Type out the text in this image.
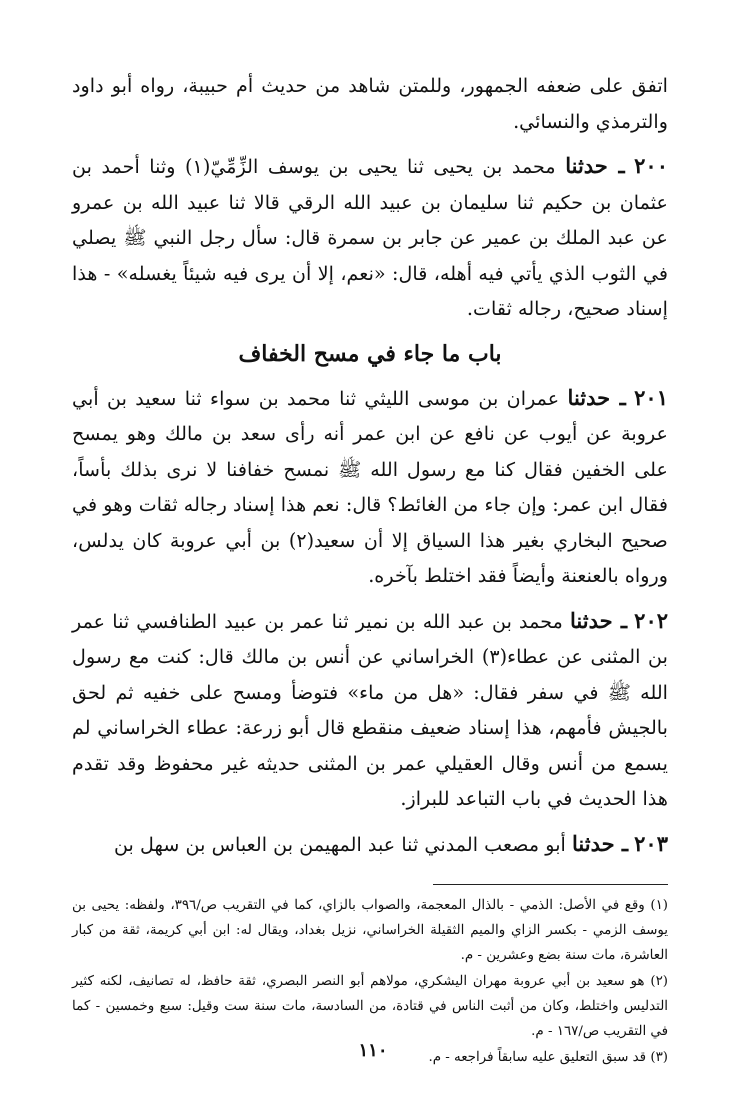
اتفق على ضعفه الجمهور، وللمتن شاهد من حديث أم حبيبة، رواه أبو داود والترمذي والنسائي.

٢٠٠ ـ حدثنا محمد بن يحيى ثنا يحيى بن يوسف الزِّمِّيّ(١) وثنا أحمد بن عثمان بن حكيم ثنا سليمان بن عبيد الله الرقي قالا ثنا عبيد الله بن عمرو عن عبد الملك بن عمير عن جابر بن سمرة قال: سأل رجل النبي ﷺ يصلي في الثوب الذي يأتي فيه أهله، قال: «نعم، إلا أن يرى فيه شيئاً يغسله» - هذا إسناد صحيح، رجاله ثقات.

باب ما جاء في مسح الخفاف

٢٠١ ـ حدثنا عمران بن موسى الليثي ثنا محمد بن سواء ثنا سعيد بن أبي عروبة عن أيوب عن نافع عن ابن عمر أنه رأى سعد بن مالك وهو يمسح على الخفين فقال كنا مع رسول الله ﷺ نمسح خفافنا لا نرى بذلك بأساً، فقال ابن عمر: وإن جاء من الغائط؟ قال: نعم هذا إسناد رجاله ثقات وهو في صحيح البخاري بغير هذا السياق إلا أن سعيد(٢) بن أبي عروبة كان يدلس، ورواه بالعنعنة وأيضاً فقد اختلط بآخره.

٢٠٢ ـ حدثنا محمد بن عبد الله بن نمير ثنا عمر بن عبيد الطنافسي ثنا عمر بن المثنى عن عطاء(٣) الخراساني عن أنس بن مالك قال: كنت مع رسول الله ﷺ في سفر فقال: «هل من ماء» فتوضأ ومسح على خفيه ثم لحق بالجيش فأمهم، هذا إسناد ضعيف منقطع قال أبو زرعة: عطاء الخراساني لم يسمع من أنس وقال العقيلي عمر بن المثنى حديثه غير محفوظ وقد تقدم هذا الحديث في باب التباعد للبراز.

٢٠٣ ـ حدثنا أبو مصعب المدني ثنا عبد المهيمن بن العباس بن سهل بن

(١) وقع في الأصل: الذمي - بالذال المعجمة، والصواب بالزاي، كما في التقريب ص/٣٩٦، ولفظه: يحيى بن يوسف الزمي - بكسر الزاي والميم الثقيلة الخراساني، نزيل بغداد، ويقال له: ابن أبي كريمة، ثقة من كبار العاشرة، مات سنة بضع وعشرين - م.

(٢) هو سعيد بن أبي عروبة مهران اليشكري، مولاهم أبو النصر البصري، ثقة حافظ، له تصانيف، لكنه كثير التدليس واختلط، وكان من أثبت الناس في قتادة، من السادسة، مات سنة ست وقيل: سبع وخمسين - كما في التقريب ص/١٦٧ - م.

(٣) قد سبق التعليق عليه سابقاً فراجعه - م.

١١٠
